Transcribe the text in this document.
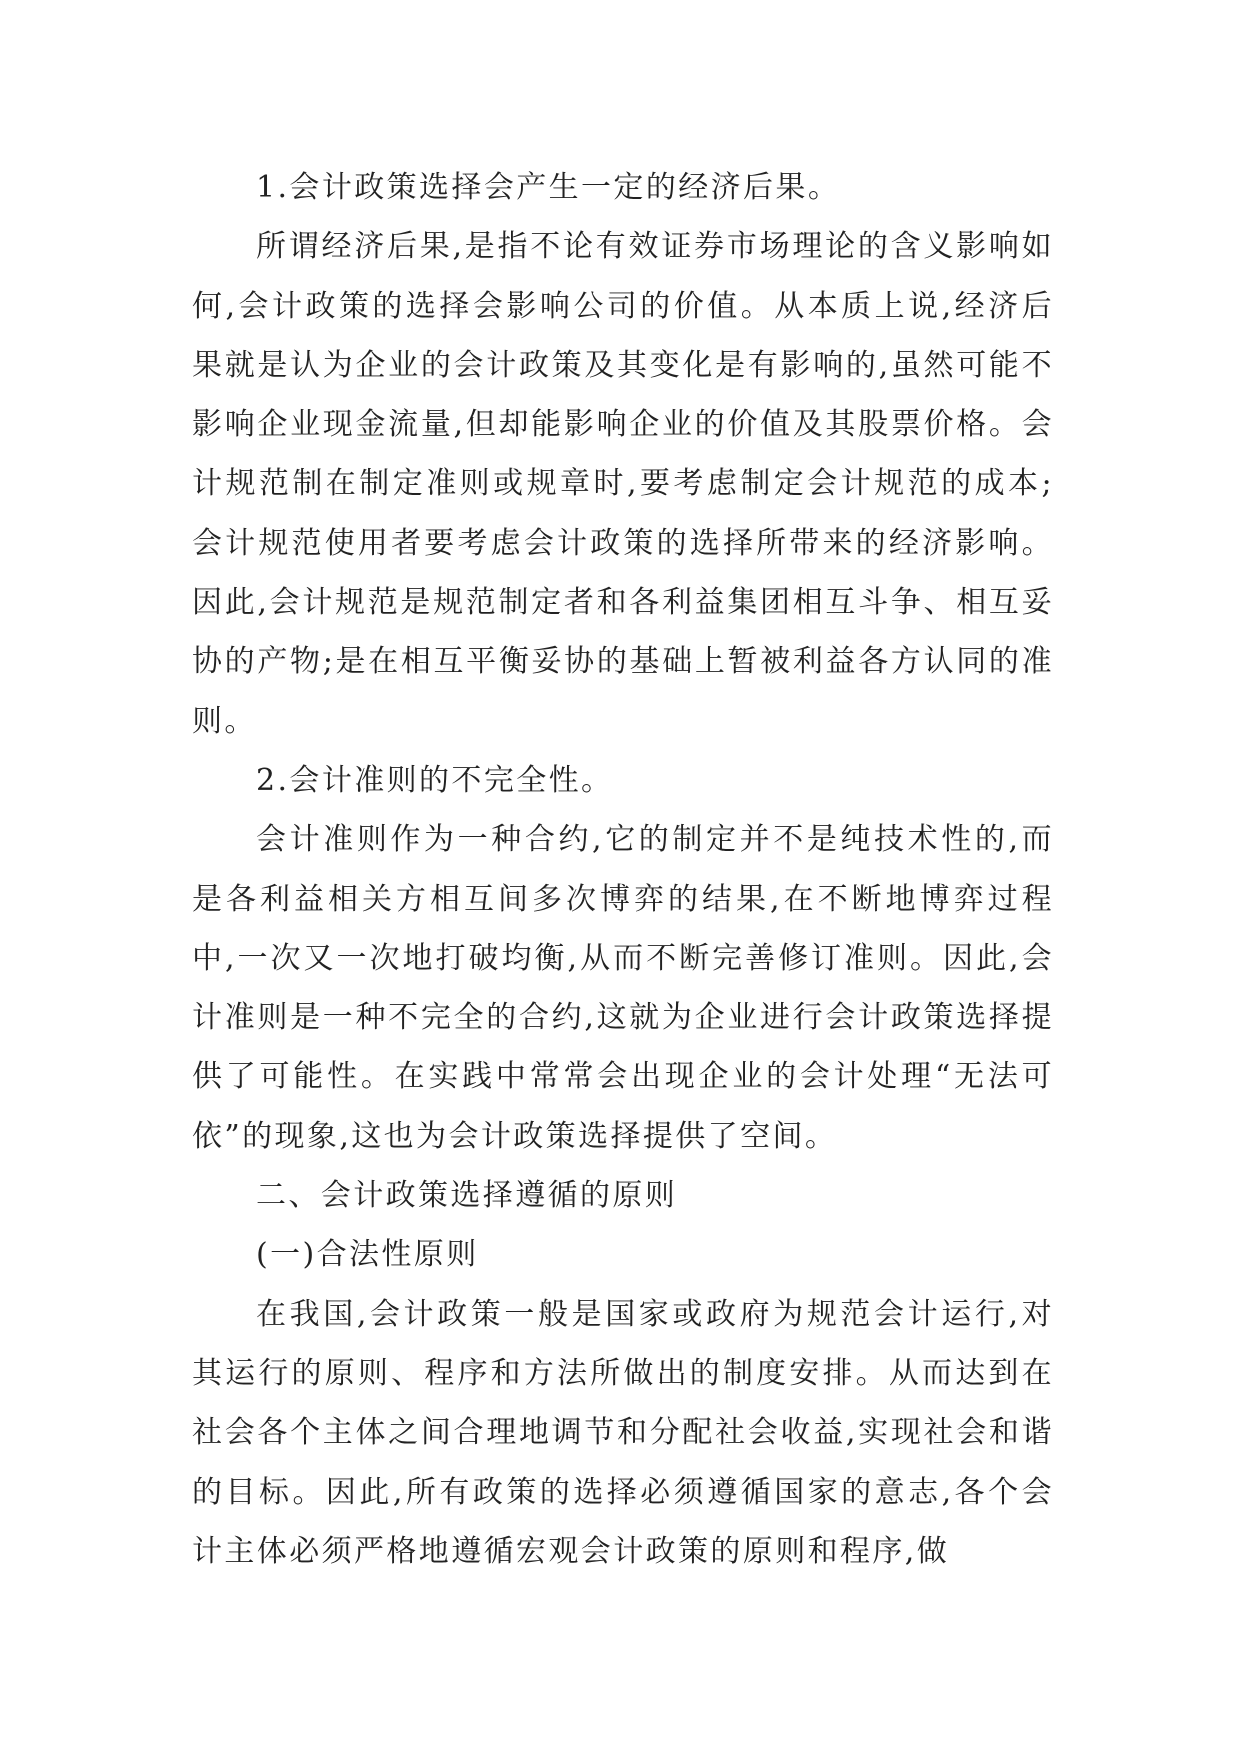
1.会计政策选择会产生一定的经济后果。

所谓经济后果,是指不论有效证券市场理论的含义影响如何,会计政策的选择会影响公司的价值。从本质上说,经济后果就是认为企业的会计政策及其变化是有影响的,虽然可能不影响企业现金流量,但却能影响企业的价值及其股票价格。会计规范制在制定准则或规章时,要考虑制定会计规范的成本;会计规范使用者要考虑会计政策的选择所带来的经济影响。因此,会计规范是规范制定者和各利益集团相互斗争、相互妥协的产物;是在相互平衡妥协的基础上暂被利益各方认同的准则。

2.会计准则的不完全性。

会计准则作为一种合约,它的制定并不是纯技术性的,而是各利益相关方相互间多次博弈的结果,在不断地博弈过程中,一次又一次地打破均衡,从而不断完善修订准则。因此,会计准则是一种不完全的合约,这就为企业进行会计政策选择提供了可能性。在实践中常常会出现企业的会计处理“无法可依”的现象,这也为会计政策选择提供了空间。

二、会计政策选择遵循的原则

(一)合法性原则

在我国,会计政策一般是国家或政府为规范会计运行,对其运行的原则、程序和方法所做出的制度安排。从而达到在社会各个主体之间合理地调节和分配社会收益,实现社会和谐的目标。因此,所有政策的选择必须遵循国家的意志,各个会计主体必须严格地遵循宏观会计政策的原则和程序,做
